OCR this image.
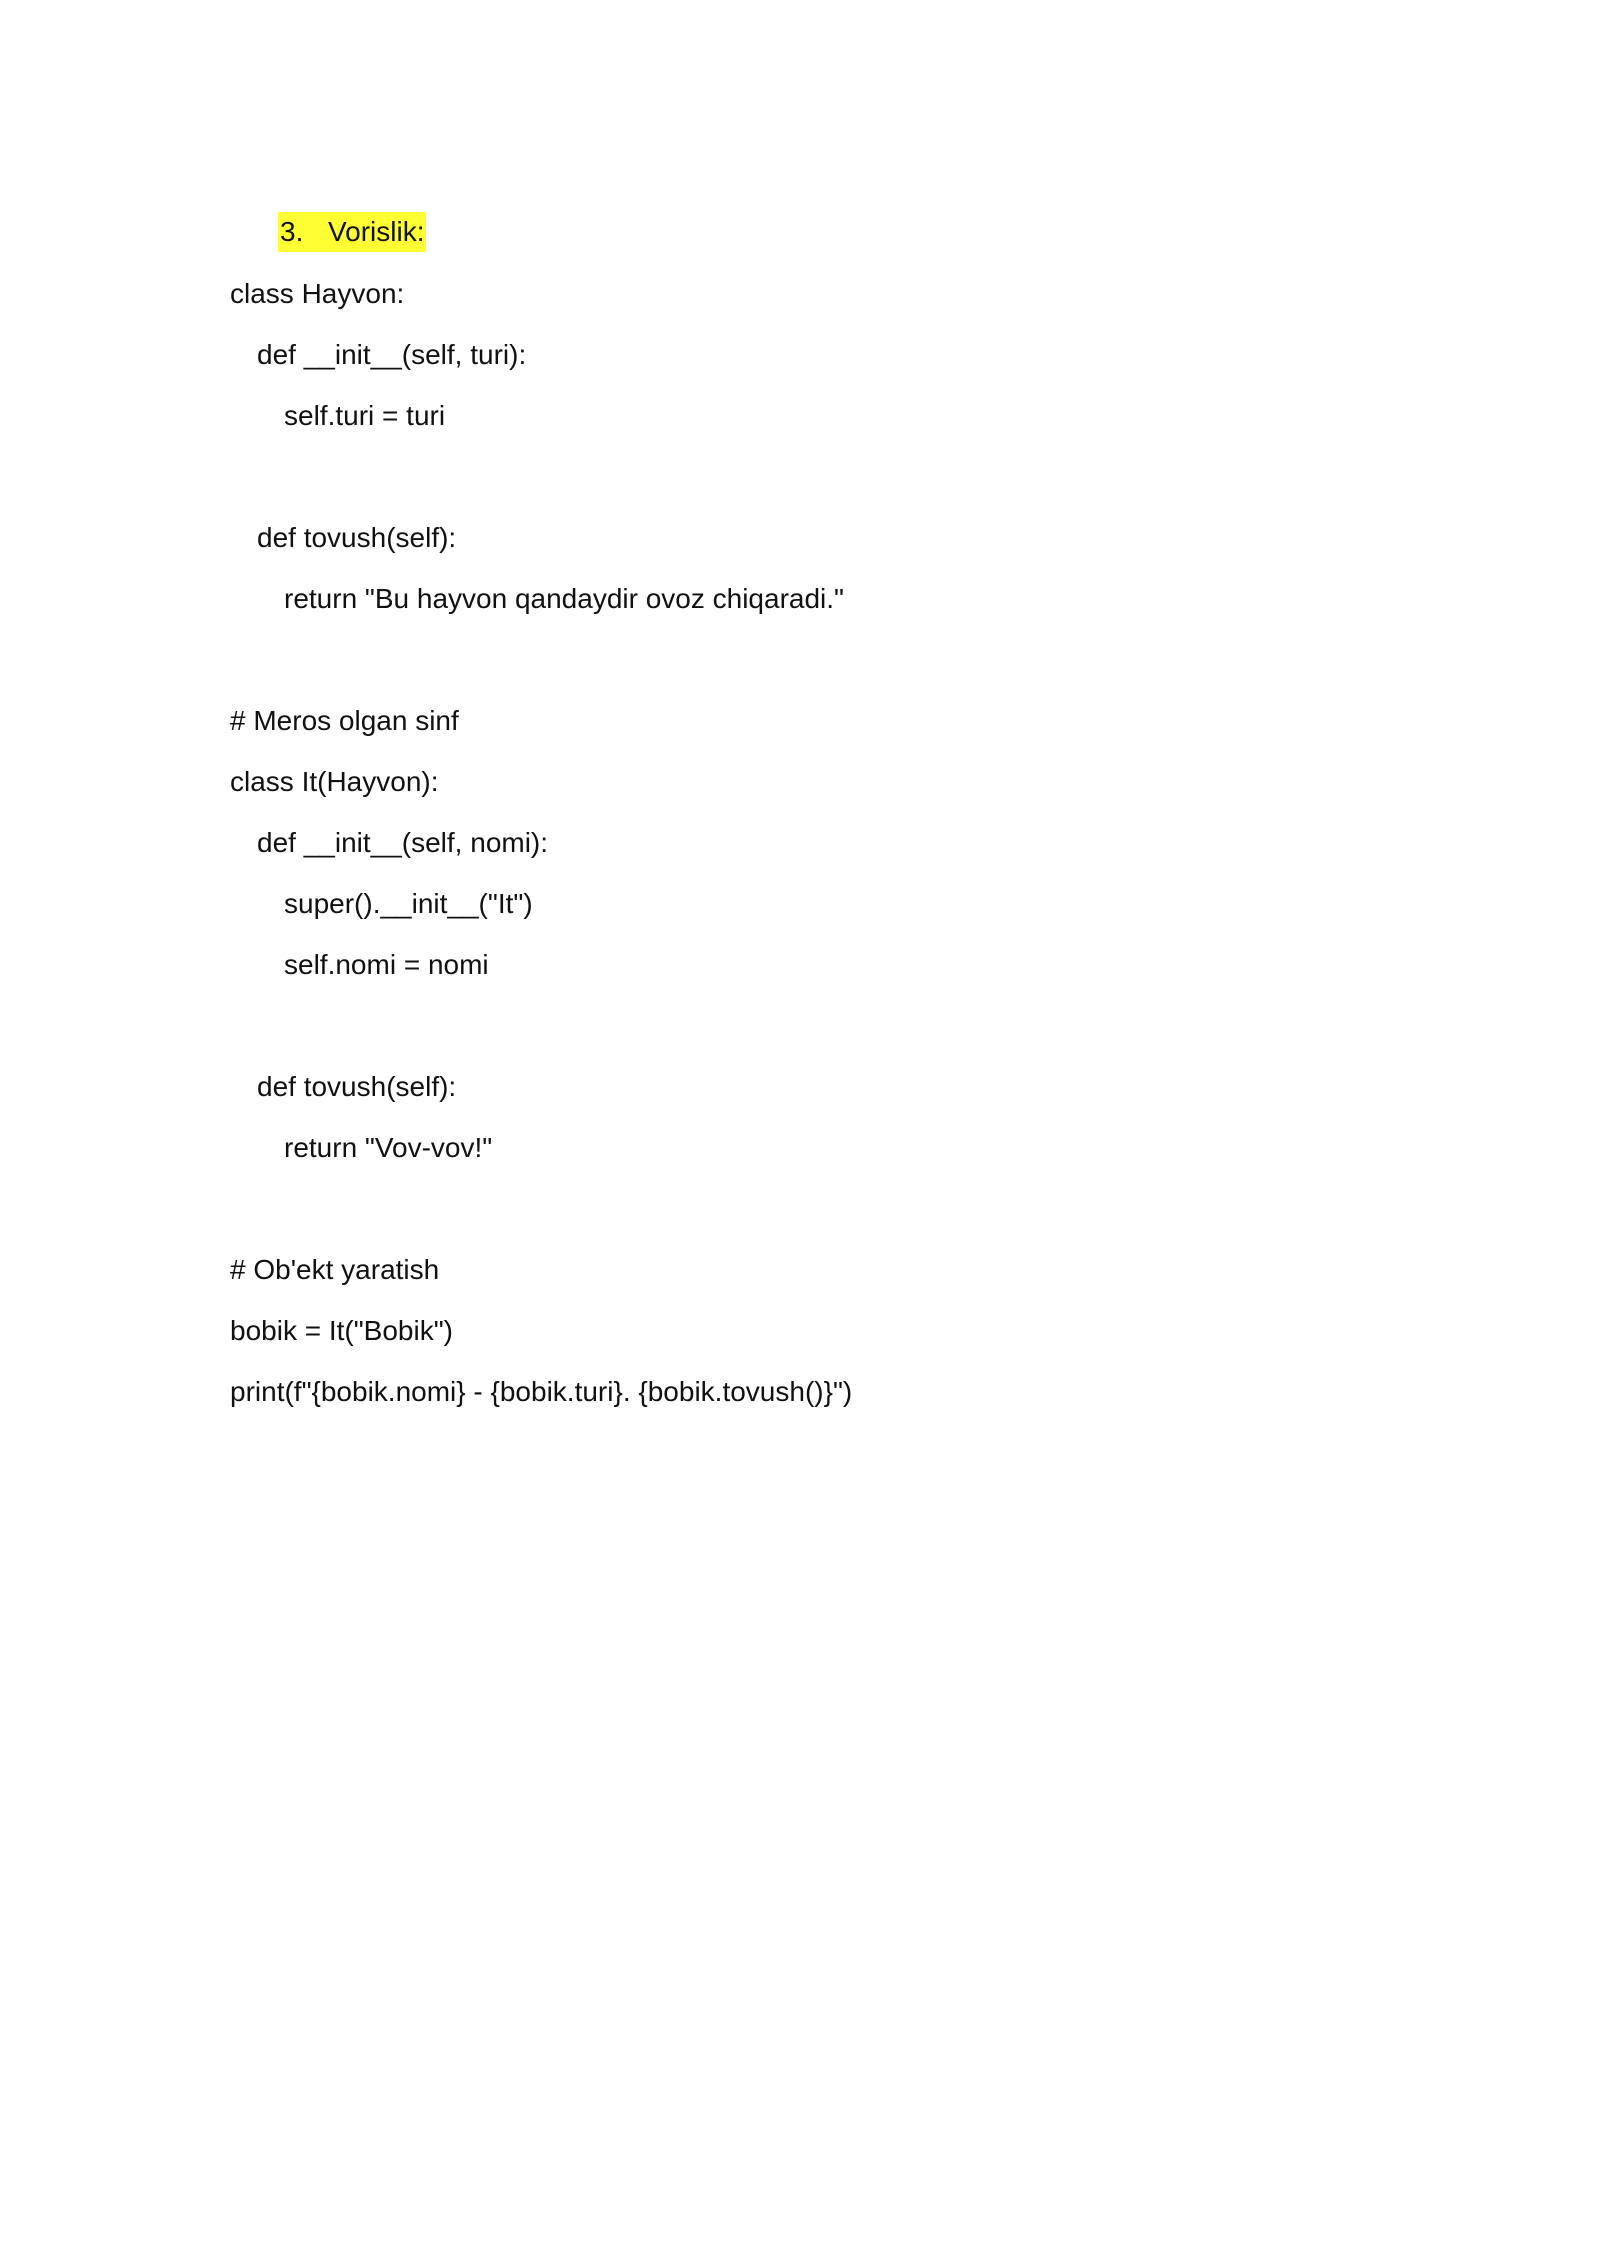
3. Vorislik:
class Hayvon:
def __init__(self, turi):
self.turi = turi
def tovush(self):
return "Bu hayvon qandaydir ovoz chiqaradi."
# Meros olgan sinf
class It(Hayvon):
def __init__(self, nomi):
super().__init__("It")
self.nomi = nomi
def tovush(self):
return "Vov-vov!"
# Ob'ekt yaratish
bobik = It("Bobik")
print(f"{bobik.nomi} - {bobik.turi}. {bobik.tovush()}")
